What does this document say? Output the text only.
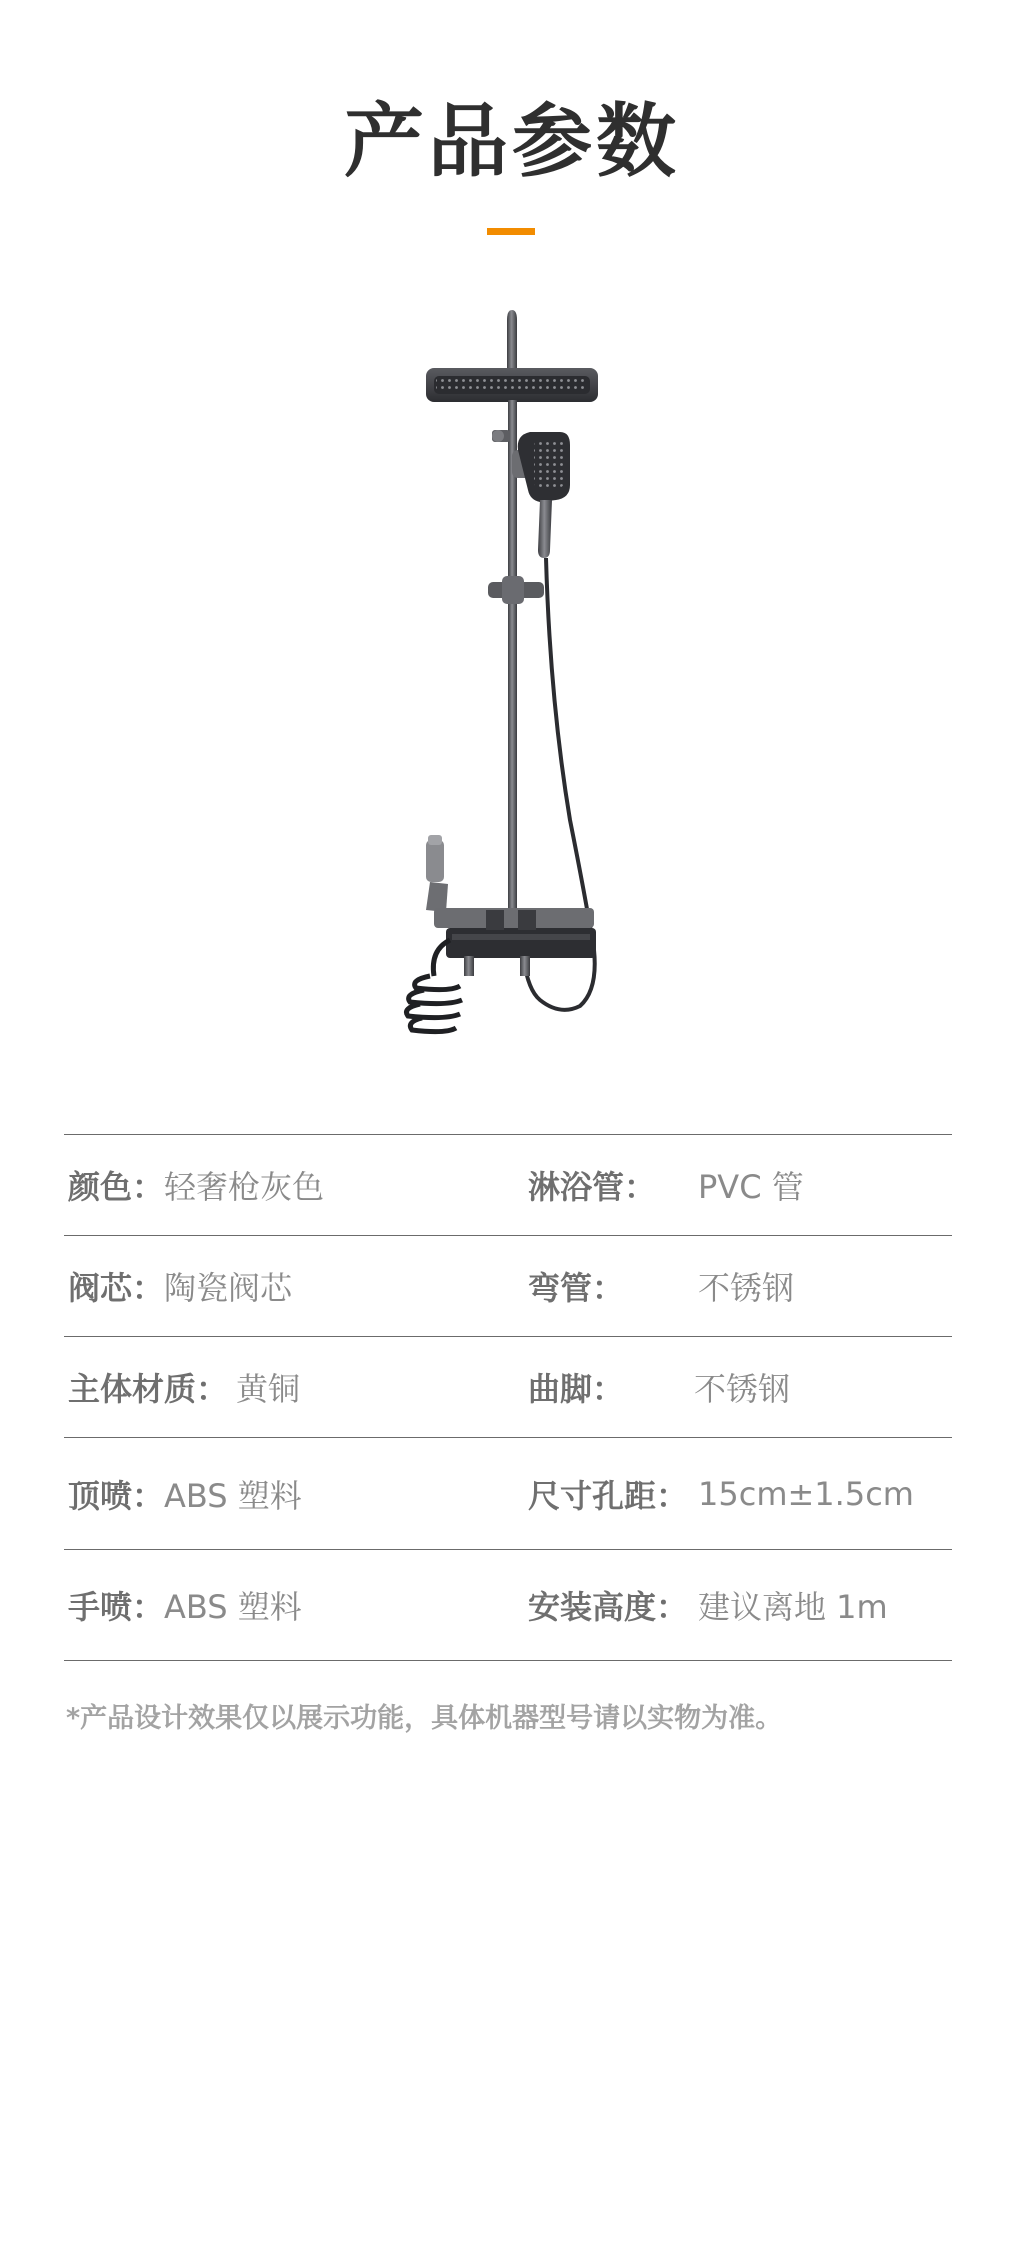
产品参数
颜色： 轻奢枪灰色	淋浴管：	PVC 管
阀芯： 陶瓷阀芯	弯管：	不锈钢
主体材质： 黄铜	曲脚：	不锈钢
顶喷： ABS 塑料	尺寸孔距： 15cm±1.5cm
手喷： ABS 塑料	安装高度： 建议离地 1m
*产品设计效果仅以展示功能，具体机器型号请以实物为准。
